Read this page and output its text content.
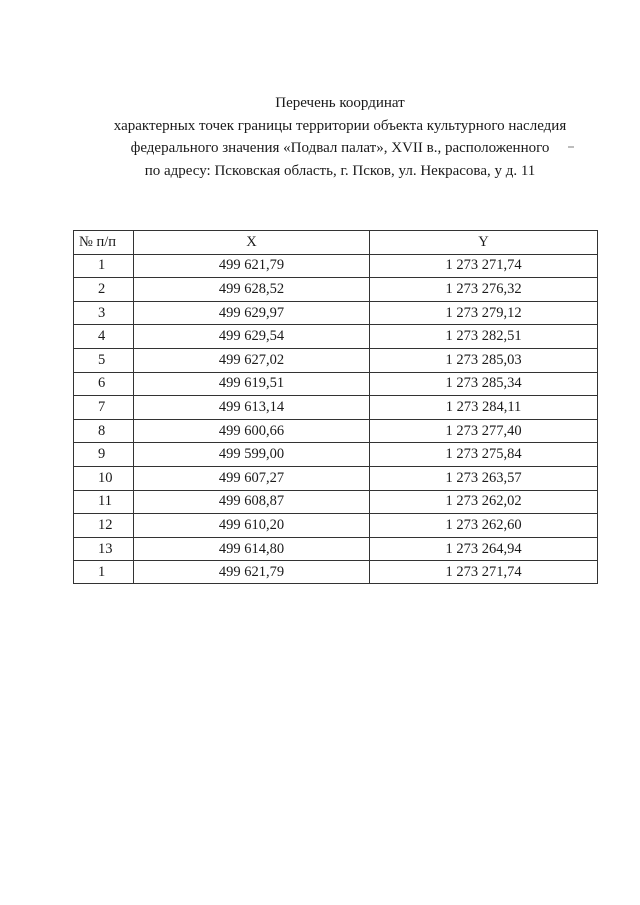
Перечень координат
характерных точек границы территории объекта культурного наследия
федерального значения «Подвал палат», XVII в., расположенного
по адресу: Псковская область, г. Псков, ул. Некрасова, у д. 11
№ п/п	X	Y
1	499 621,79	1 273 271,74
2	499 628,52	1 273 276,32
3	499 629,97	1 273 279,12
4	499 629,54	1 273 282,51
5	499 627,02	1 273 285,03
6	499 619,51	1 273 285,34
7	499 613,14	1 273 284,11
8	499 600,66	1 273 277,40
9	499 599,00	1 273 275,84
10	499 607,27	1 273 263,57
11	499 608,87	1 273 262,02
12	499 610,20	1 273 262,60
13	499 614,80	1 273 264,94
1	499 621,79	1 273 271,74
